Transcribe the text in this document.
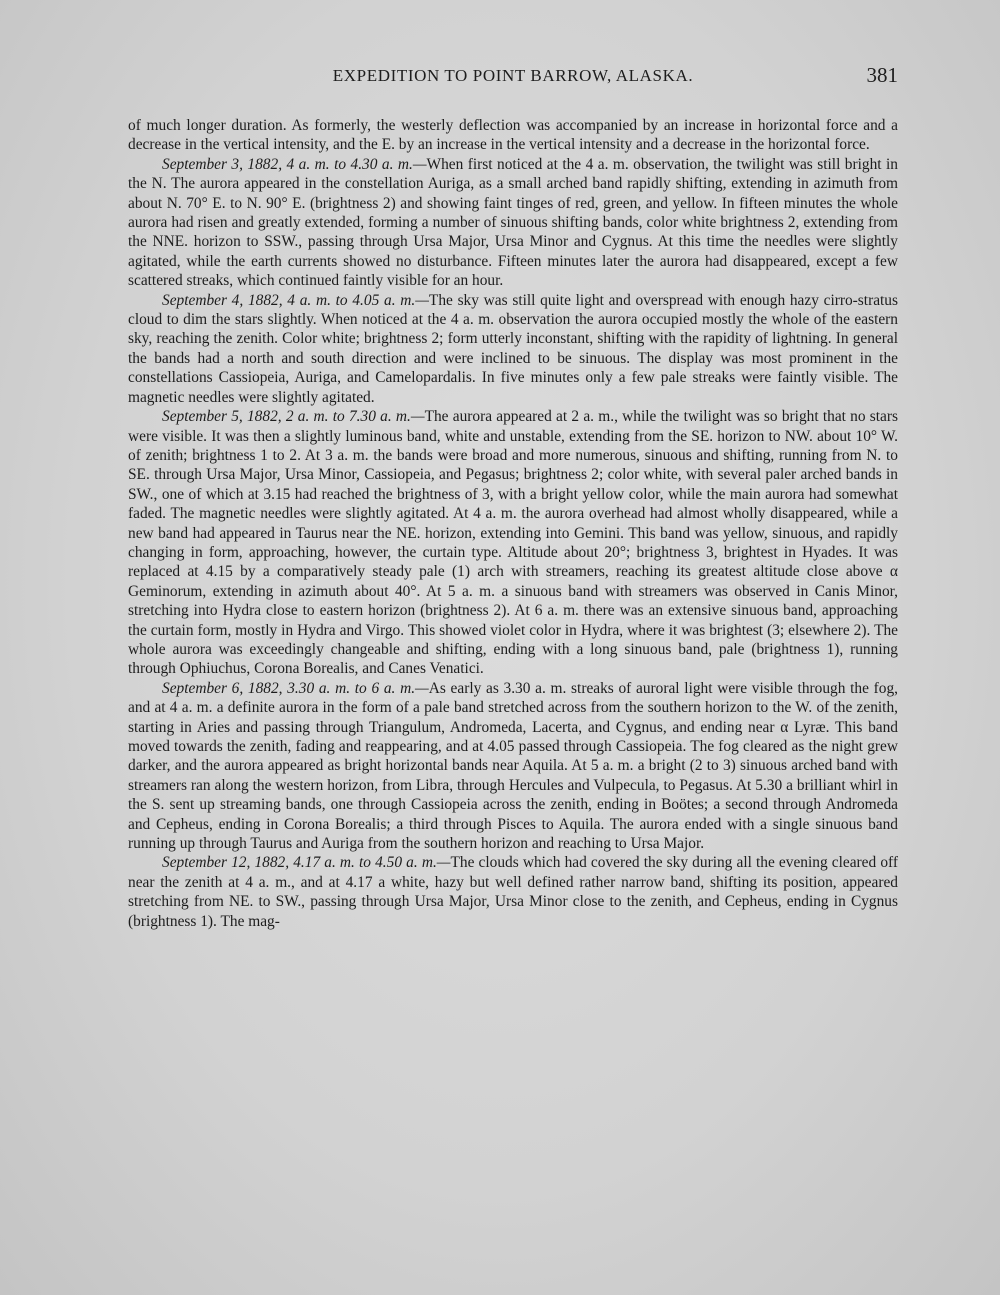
EXPEDITION TO POINT BARROW, ALASKA.	381

of much longer duration. As formerly, the westerly deflection was accompanied by an increase in horizontal force and a decrease in the vertical intensity, and the E. by an increase in the vertical intensity and a decrease in the horizontal force.

September 3, 1882, 4 a. m. to 4.30 a. m.—When first noticed at the 4 a. m. observation, the twilight was still bright in the N. The aurora appeared in the constellation Auriga, as a small arched band rapidly shifting, extending in azimuth from about N. 70° E. to N. 90° E. (brightness 2) and showing faint tinges of red, green, and yellow. In fifteen minutes the whole aurora had risen and greatly extended, forming a number of sinuous shifting bands, color white brightness 2, extending from the NNE. horizon to SSW., passing through Ursa Major, Ursa Minor and Cygnus. At this time the needles were slightly agitated, while the earth currents showed no disturbance. Fifteen minutes later the aurora had disappeared, except a few scattered streaks, which continued faintly visible for an hour.

September 4, 1882, 4 a. m. to 4.05 a. m.—The sky was still quite light and overspread with enough hazy cirro-stratus cloud to dim the stars slightly. When noticed at the 4 a. m. observation the aurora occupied mostly the whole of the eastern sky, reaching the zenith. Color white; brightness 2; form utterly inconstant, shifting with the rapidity of lightning. In general the bands had a north and south direction and were inclined to be sinuous. The display was most prominent in the constellations Cassiopeia, Auriga, and Camelopardalis. In five minutes only a few pale streaks were faintly visible. The magnetic needles were slightly agitated.

September 5, 1882, 2 a. m. to 7.30 a. m.—The aurora appeared at 2 a. m., while the twilight was so bright that no stars were visible. It was then a slightly luminous band, white and unstable, extending from the SE. horizon to NW. about 10° W. of zenith; brightness 1 to 2. At 3 a. m. the bands were broad and more numerous, sinuous and shifting, running from N. to SE. through Ursa Major, Ursa Minor, Cassiopeia, and Pegasus; brightness 2; color white, with several paler arched bands in SW., one of which at 3.15 had reached the brightness of 3, with a bright yellow color, while the main aurora had somewhat faded. The magnetic needles were slightly agitated. At 4 a. m. the aurora overhead had almost wholly disappeared, while a new band had appeared in Taurus near the NE. horizon, extending into Gemini. This band was yellow, sinuous, and rapidly changing in form, approaching, however, the curtain type. Altitude about 20°; brightness 3, brightest in Hyades. It was replaced at 4.15 by a comparatively steady pale (1) arch with streamers, reaching its greatest altitude close above α Geminorum, extending in azimuth about 40°. At 5 a. m. a sinuous band with streamers was observed in Canis Minor, stretching into Hydra close to eastern horizon (brightness 2). At 6 a. m. there was an extensive sinuous band, approaching the curtain form, mostly in Hydra and Virgo. This showed violet color in Hydra, where it was brightest (3; elsewhere 2). The whole aurora was exceedingly changeable and shifting, ending with a long sinuous band, pale (brightness 1), running through Ophiuchus, Corona Borealis, and Canes Venatici.

September 6, 1882, 3.30 a. m. to 6 a. m.—As early as 3.30 a. m. streaks of auroral light were visible through the fog, and at 4 a. m. a definite aurora in the form of a pale band stretched across from the southern horizon to the W. of the zenith, starting in Aries and passing through Triangulum, Andromeda, Lacerta, and Cygnus, and ending near α Lyræ. This band moved towards the zenith, fading and reappearing, and at 4.05 passed through Cassiopeia. The fog cleared as the night grew darker, and the aurora appeared as bright horizontal bands near Aquila. At 5 a. m. a bright (2 to 3) sinuous arched band with streamers ran along the western horizon, from Libra, through Hercules and Vulpecula, to Pegasus. At 5.30 a brilliant whirl in the S. sent up streaming bands, one through Cassiopeia across the zenith, ending in Boötes; a second through Andromeda and Cepheus, ending in Corona Borealis; a third through Pisces to Aquila. The aurora ended with a single sinuous band running up through Taurus and Auriga from the southern horizon and reaching to Ursa Major.

September 12, 1882, 4.17 a. m. to 4.50 a. m.—The clouds which had covered the sky during all the evening cleared off near the zenith at 4 a. m., and at 4.17 a white, hazy but well defined rather narrow band, shifting its position, appeared stretching from NE. to SW., passing through Ursa Major, Ursa Minor close to the zenith, and Cepheus, ending in Cygnus (brightness 1). The mag-
